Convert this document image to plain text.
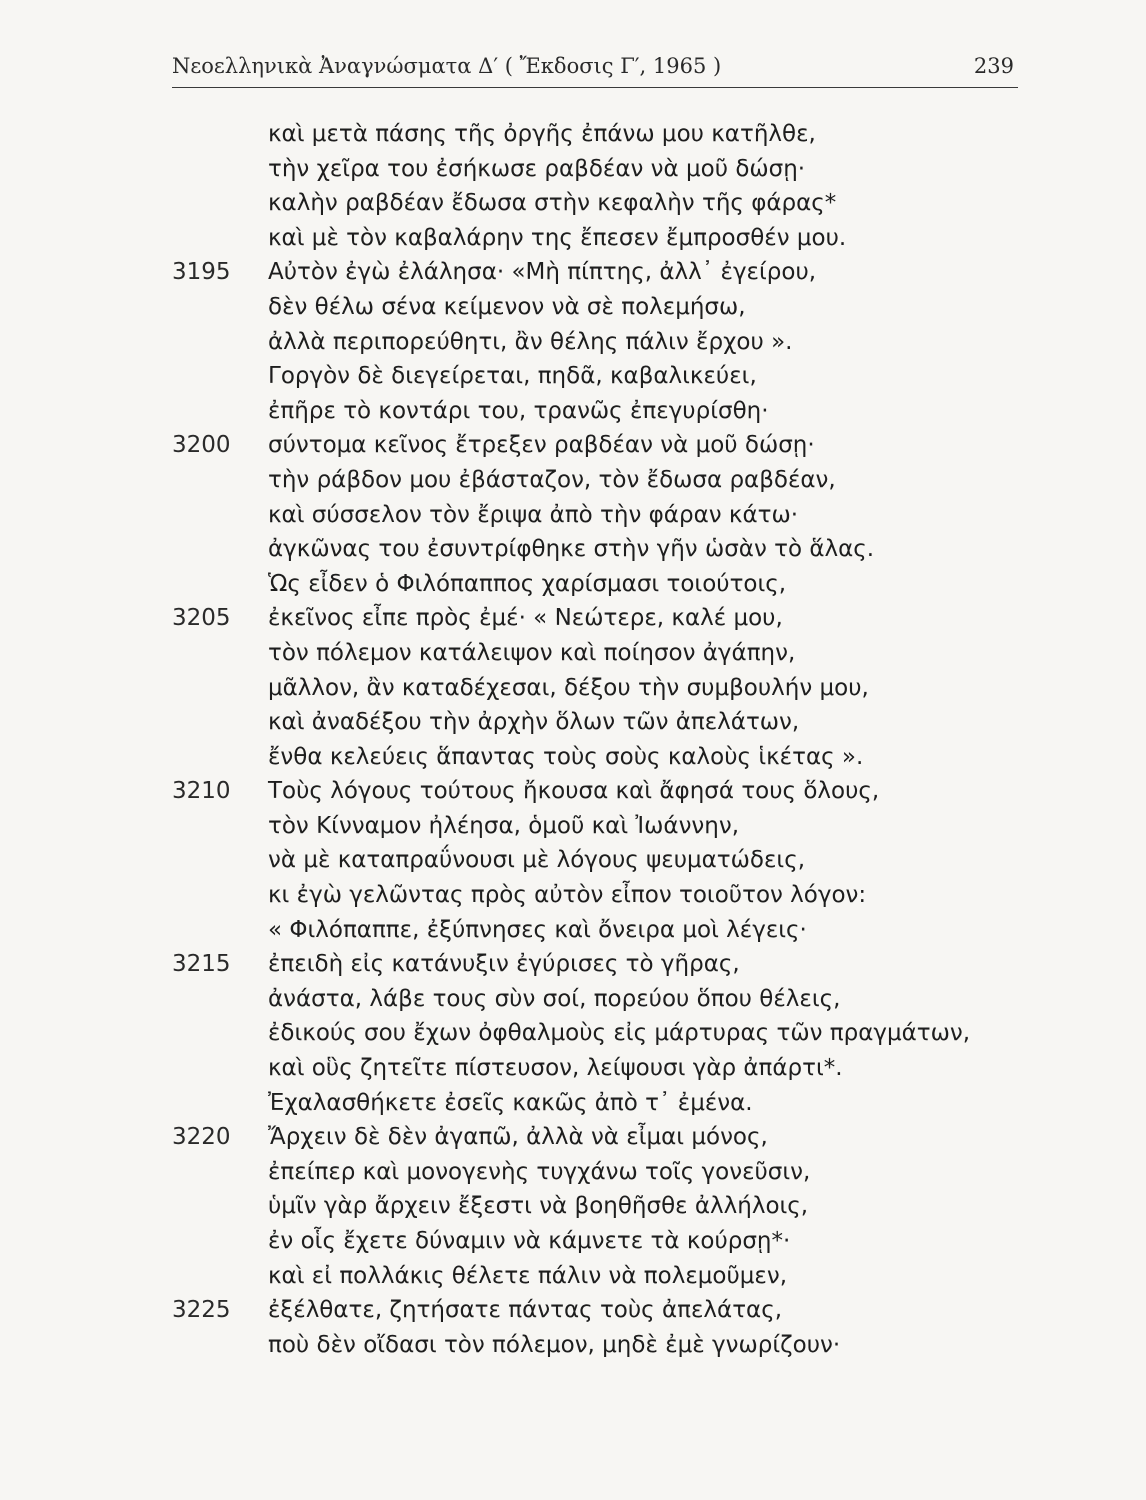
Νεοελληνικὰ Ἀναγνώσματα Δ′ ( Ἔκδοσις Γ′, 1965 )	239
καὶ μετὰ πάσης τῆς ὀργῆς ἐπάνω μου κατῆλθε,
τὴν χεῖρα του ἐσήκωσε ραβδέαν νὰ μοῦ δώσῃ·
καλὴν ραβδέαν ἔδωσα στὴν κεφαλὴν τῆς φάρας*
καὶ μὲ τὸν καβαλάρην της ἔπεσεν ἔμπροσθέν μου.
3195	Αὐτὸν ἐγὼ ἐλάλησα· «Μὴ πίπτης, ἀλλ᾽ ἐγείρου,
δὲν θέλω σένα κείμενον νὰ σὲ πολεμήσω,
ἀλλὰ περιπορεύθητι, ἂν θέλης πάλιν ἔρχου ».
Γοργὸν δὲ διεγείρεται, πηδᾶ, καβαλικεύει,
ἐπῆρε τὸ κοντάρι του, τρανῶς ἐπεγυρίσθη·
3200	σύντομα κεῖνος ἔτρεξεν ραβδέαν νὰ μοῦ δώσῃ·
τὴν ράβδον μου ἐβάσταζον, τὸν ἔδωσα ραβδέαν,
καὶ σύσσελον τὸν ἔριψα ἀπὸ τὴν φάραν κάτω·
ἀγκῶνας του ἐσυντρίφθηκε στὴν γῆν ὡσὰν τὸ ἅλας.
Ὡς εἶδεν ὁ Φιλόπαππος χαρίσμασι τοιούτοις,
3205	ἐκεῖνος εἶπε πρὸς ἐμέ· « Νεώτερε, καλέ μου,
τὸν πόλεμον κατάλειψον καὶ ποίησον ἀγάπην,
μᾶλλον, ἂν καταδέχεσαι, δέξου τὴν συμβουλήν μου,
καὶ ἀναδέξου τὴν ἀρχὴν ὅλων τῶν ἀπελάτων,
ἔνθα κελεύεις ἅπαντας τοὺς σοὺς καλοὺς ἱκέτας ».
3210	Τοὺς λόγους τούτους ἤκουσα καὶ ἄφησά τους ὅλους,
τὸν Κίνναμον ἠλέησα, ὁμοῦ καὶ Ἰωάννην,
νὰ μὲ καταπραΰνουσι μὲ λόγους ψευματώδεις,
κι ἐγὼ γελῶντας πρὸς αὐτὸν εἶπον τοιοῦτον λόγον:
« Φιλόπαππε, ἐξύπνησες καὶ ὄνειρα μοὶ λέγεις·
3215	ἐπειδὴ εἰς κατάνυξιν ἐγύρισες τὸ γῆρας,
ἀνάστα, λάβε τους σὺν σοί, πορεύου ὅπου θέλεις,
ἐδικούς σου ἔχων ὀφθαλμοὺς εἰς μάρτυρας τῶν πραγμάτων,
καὶ οὓς ζητεῖτε πίστευσον, λείψουσι γὰρ ἀπάρτι*.
Ἐχαλασθήκετε ἐσεῖς κακῶς ἀπὸ τ᾽ ἐμένα.
3220	Ἄρχειν δὲ δὲν ἀγαπῶ, ἀλλὰ νὰ εἶμαι μόνος,
ἐπείπερ καὶ μονογενὴς τυγχάνω τοῖς γονεῦσιν,
ὑμῖν γὰρ ἄρχειν ἔξεστι νὰ βοηθῆσθε ἀλλήλοις,
ἐν οἷς ἔχετε δύναμιν νὰ κάμνετε τὰ κούρσῃ*·
καὶ εἰ πολλάκις θέλετε πάλιν νὰ πολεμοῦμεν,
3225	ἐξέλθατε, ζητήσατε πάντας τοὺς ἀπελάτας,
ποὺ δὲν οἴδασι τὸν πόλεμον, μηδὲ ἐμὲ γνωρίζουν·
